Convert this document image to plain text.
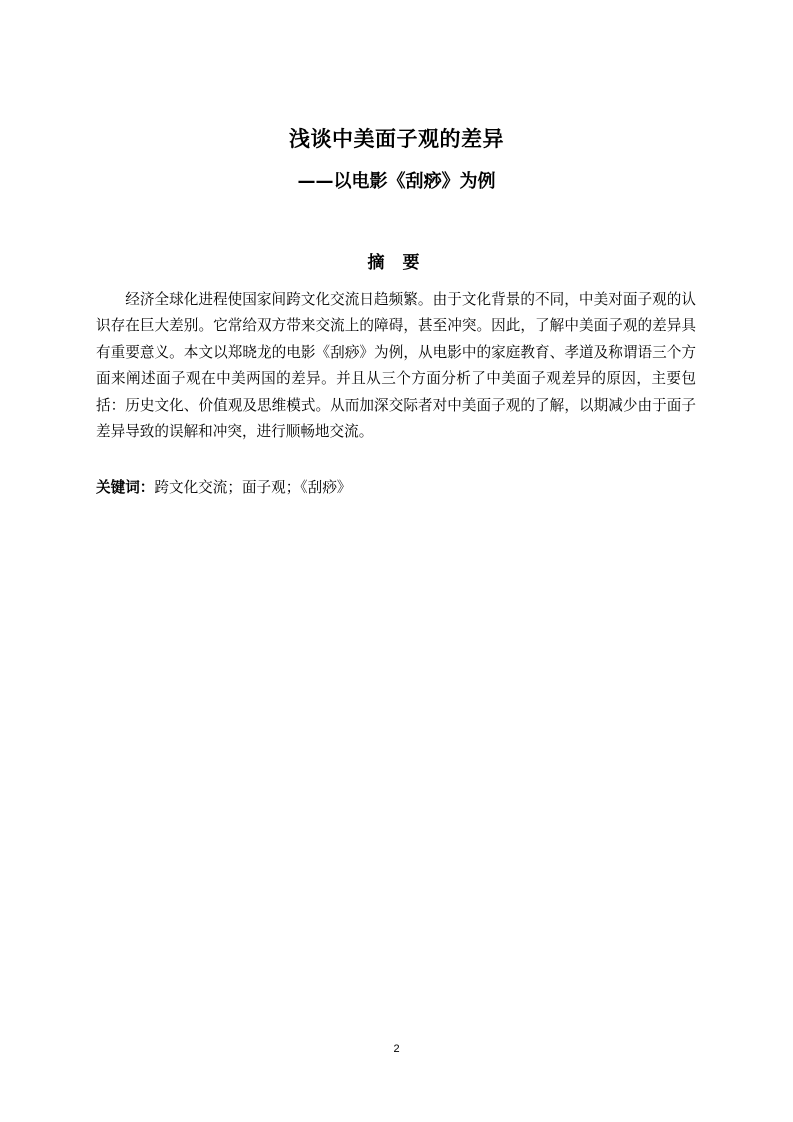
浅谈中美面子观的差异
——以电影《刮痧》为例
摘 要

经济全球化进程使国家间跨文化交流日趋频繁。由于文化背景的不同，中美对面子观的认识存在巨大差别。它常给双方带来交流上的障碍，甚至冲突。因此，了解中美面子观的差异具有重要意义。本文以郑晓龙的电影《刮痧》为例，从电影中的家庭教育、孝道及称谓语三个方面来阐述面子观在中美两国的差异。并且从三个方面分析了中美面子观差异的原因，主要包括：历史文化、价值观及思维模式。从而加深交际者对中美面子观的了解，以期减少由于面子差异导致的误解和冲突，进行顺畅地交流。

关键词：跨文化交流；面子观；《刮痧》

2
